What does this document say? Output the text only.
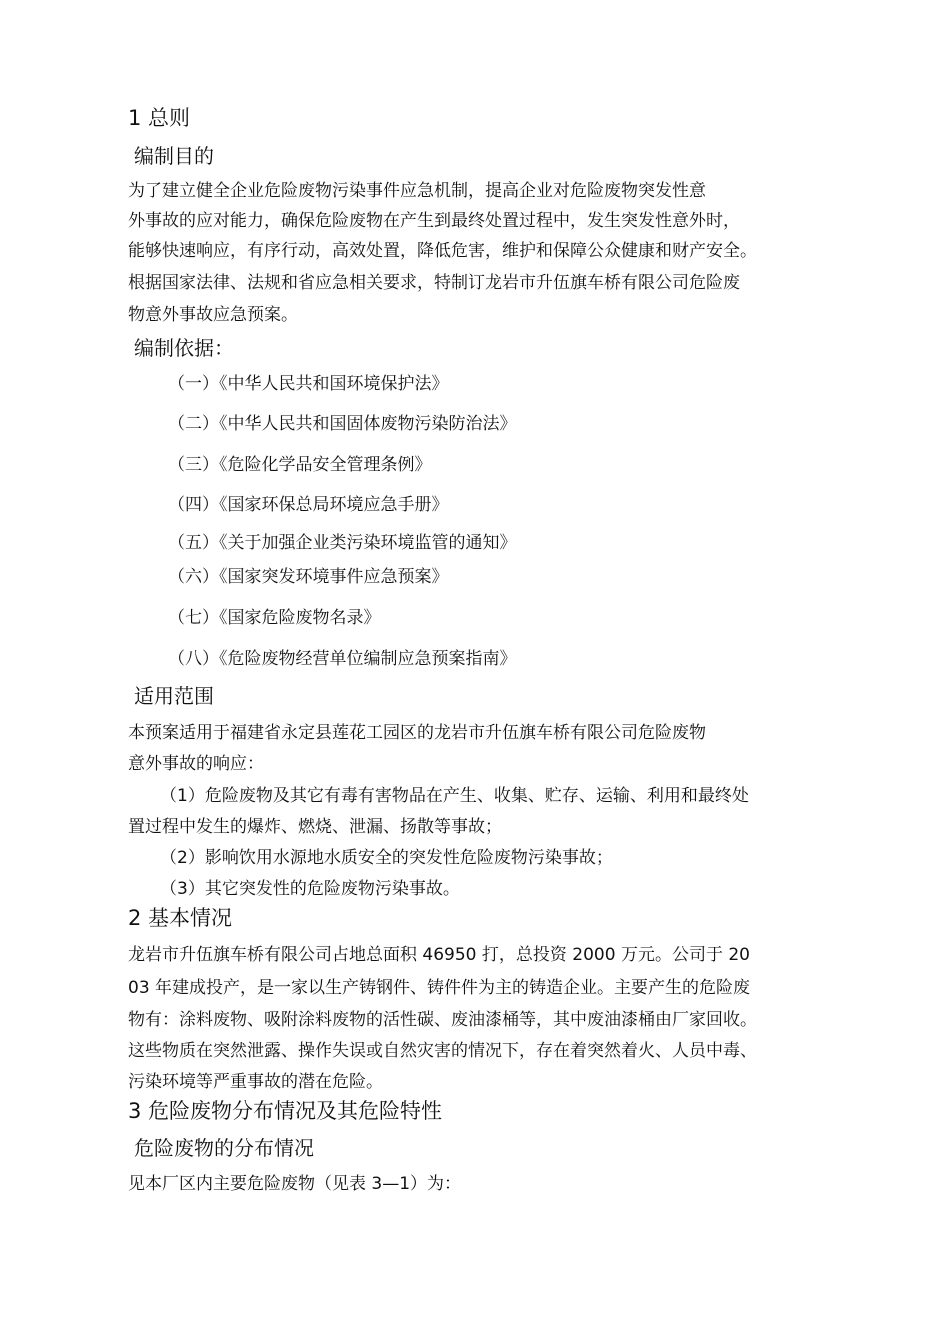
1 总则
编制目的
为了建立健全企业危险废物污染事件应急机制，提高企业对危险废物突发性意
外事故的应对能力，确保危险废物在产生到最终处置过程中，发生突发性意外时，
能够快速响应，有序行动，高效处置，降低危害，维护和保障公众健康和财产安全。
根据国家法律、法规和省应急相关要求，特制订龙岩市升伍旗车桥有限公司危险废
物意外事故应急预案。
编制依据：
（一）《中华人民共和国环境保护法》
（二）《中华人民共和国固体废物污染防治法》
（三）《危险化学品安全管理条例》
（四）《国家环保总局环境应急手册》
（五）《关于加强企业类污染环境监管的通知》
（六）《国家突发环境事件应急预案》
（七）《国家危险废物名录》
（八）《危险废物经营单位编制应急预案指南》
适用范围
本预案适用于福建省永定县莲花工园区的龙岩市升伍旗车桥有限公司危险废物
意外事故的响应：
（1）危险废物及其它有毒有害物品在产生、收集、贮存、运输、利用和最终处
置过程中发生的爆炸、燃烧、泄漏、扬散等事故；
（2）影响饮用水源地水质安全的突发性危险废物污染事故；
（3）其它突发性的危险废物污染事故。
2 基本情况
龙岩市升伍旗车桥有限公司占地总面积 46950 打，总投资 2000 万元。公司于 20
03 年建成投产，是一家以生产铸钢件、铸件件为主的铸造企业。主要产生的危险废
物有：涂料废物、吸附涂料废物的活性碳、废油漆桶等，其中废油漆桶由厂家回收。
这些物质在突然泄露、操作失误或自然灾害的情况下，存在着突然着火、人员中毒、
污染环境等严重事故的潜在危险。
3 危险废物分布情况及其危险特性
危险废物的分布情况
见本厂区内主要危险废物（见表 3—1）为：
